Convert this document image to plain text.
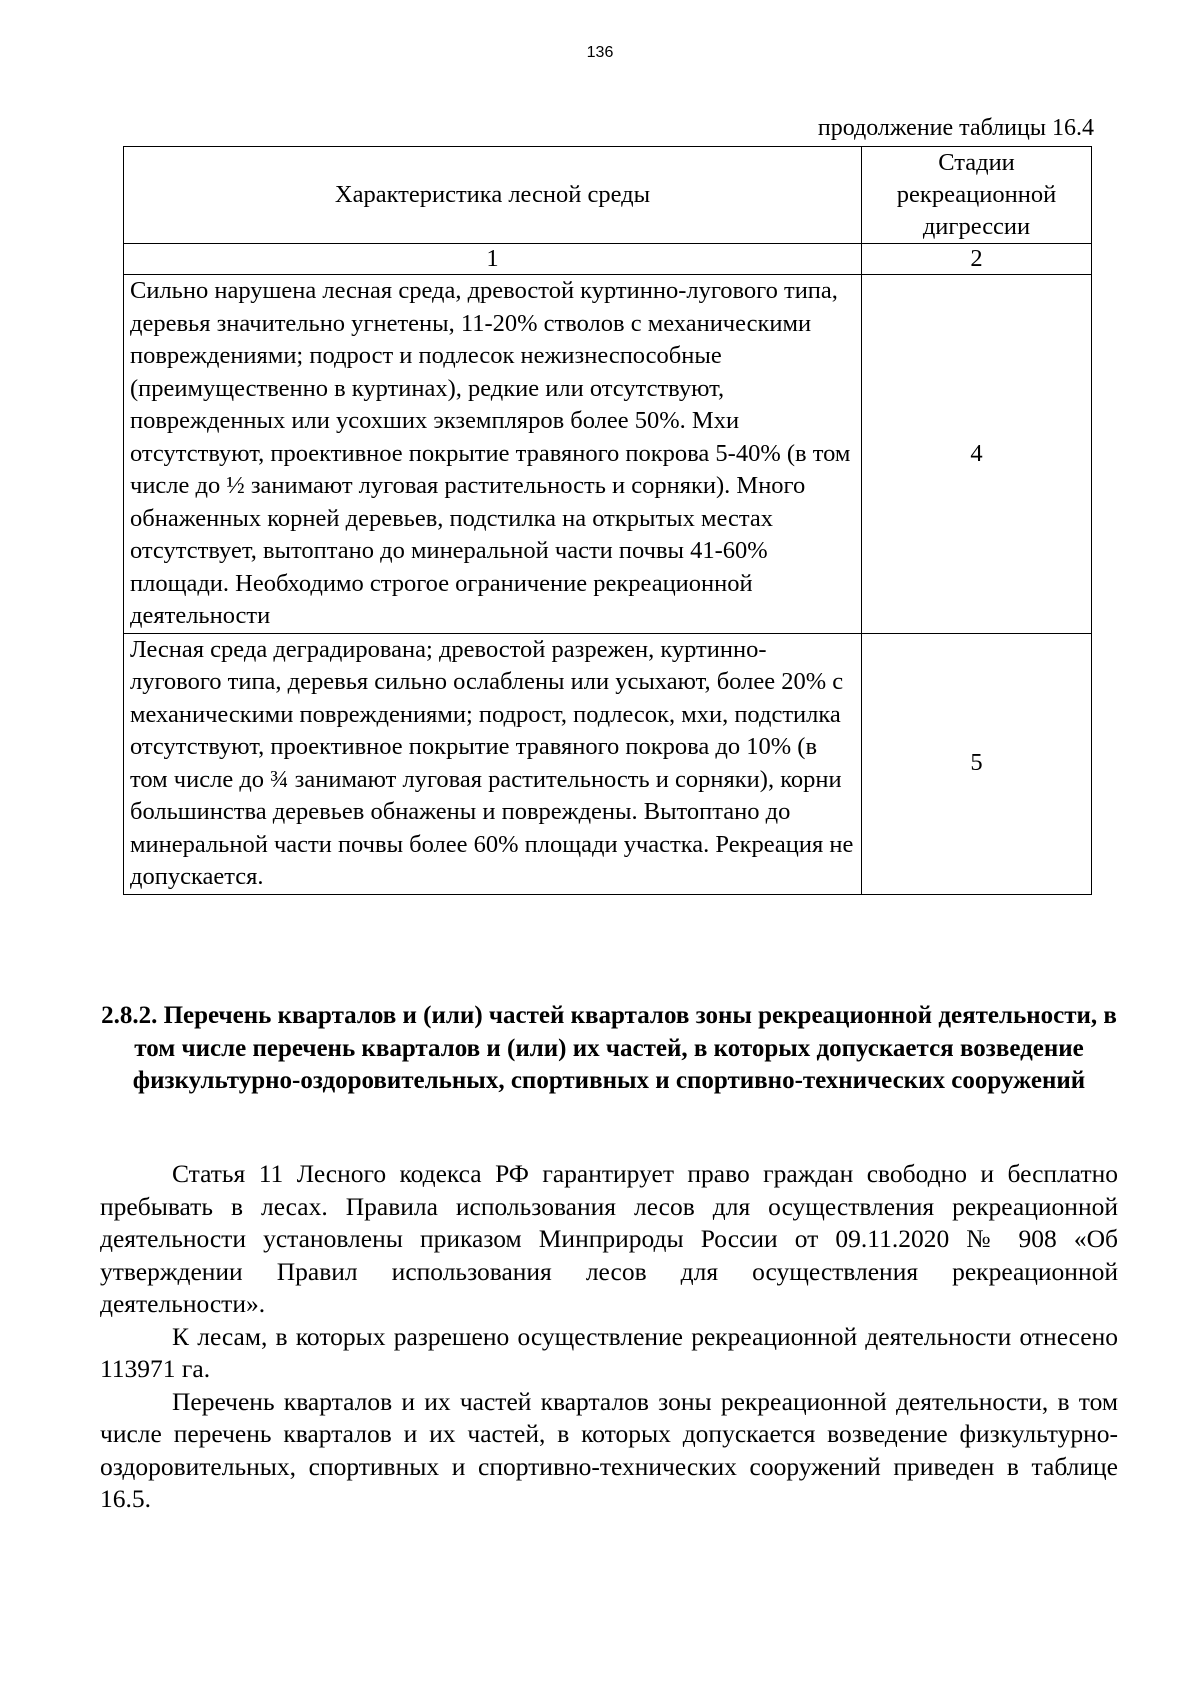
136
продолжение таблицы 16.4
Характеристика лесной среды	Стадии рекреационной дигрессии
1	2
Сильно нарушена лесная среда, древостой куртинно-лугового типа, деревья значительно угнетены, 11-20% стволов с механическими повреждениями; подрост и подлесок нежизнеспособные (преимущественно в куртинах), редкие или отсутствуют, поврежденных или усохших экземпляров более 50%. Мхи отсутствуют, проективное покрытие травяного покрова 5-40% (в том числе до ½ занимают луговая растительность и сорняки). Много обнаженных корней деревьев, подстилка на открытых местах отсутствует, вытоптано до минеральной части почвы 41-60% площади. Необходимо строгое ограничение рекреационной деятельности	4
Лесная среда деградирована; древостой разрежен, куртинно-лугового типа, деревья сильно ослаблены или усыхают, более 20% с механическими повреждениями; подрост, подлесок, мхи, подстилка отсутствуют, проективное покрытие травяного покрова до 10% (в том числе до ¾ занимают луговая растительность и сорняки), корни большинства деревьев обнажены и повреждены. Вытоптано до минеральной части почвы более 60% площади участка. Рекреация не допускается.	5
2.8.2. Перечень кварталов и (или) частей кварталов зоны рекреационной деятельности, в том числе перечень кварталов и (или) их частей, в которых допускается возведение физкультурно-оздоровительных, спортивных и спортивно-технических сооружений

Статья 11 Лесного кодекса РФ гарантирует право граждан свободно и бесплатно пребывать в лесах. Правила использования лесов для осуществления рекреационной деятельности установлены приказом Минприроды России от 09.11.2020 № 908 «Об утверждении Правил использования лесов для осуществления рекреационной деятельности».

К лесам, в которых разрешено осуществление рекреационной деятельности отнесено 113971 га.

Перечень кварталов и их частей кварталов зоны рекреационной деятельности, в том числе перечень кварталов и их частей, в которых допускается возведение физкультурно-оздоровительных, спортивных и спортивно-технических сооружений приведен в таблице 16.5.
